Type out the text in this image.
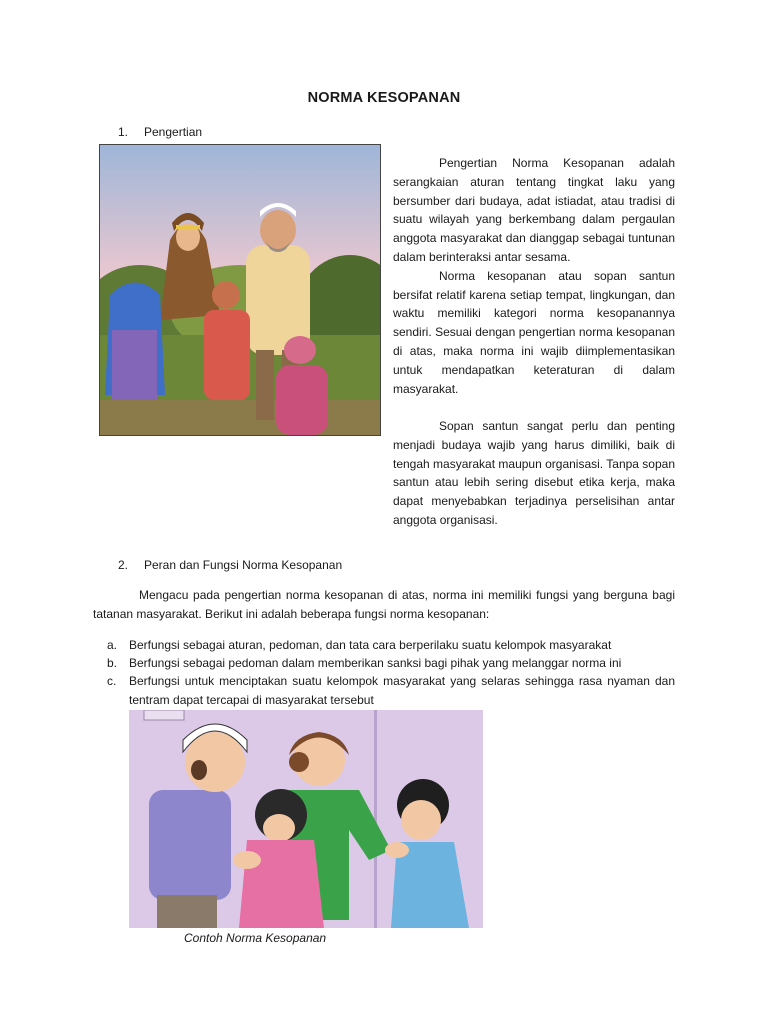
NORMA KESOPANAN
1. Pengertian

Pengertian Norma Kesopanan adalah serangkaian aturan tentang tingkat laku yang bersumber dari budaya, adat istiadat, atau tradisi di suatu wilayah yang berkembang dalam pergaulan anggota masyarakat dan dianggap sebagai tuntunan dalam berinteraksi antar sesama.

Norma kesopanan atau sopan santun bersifat relatif karena setiap tempat, lingkungan, dan waktu memiliki kategori norma kesopanannya sendiri. Sesuai dengan pengertian norma kesopanan di atas, maka norma ini wajib diimplementasikan untuk mendapatkan keteraturan di dalam masyarakat.

Sopan santun sangat perlu dan penting menjadi budaya wajib yang harus dimiliki, baik di tengah masyarakat maupun organisasi. Tanpa sopan santun atau lebih sering disebut etika kerja, maka dapat menyebabkan terjadinya perselisihan antar anggota organisasi.

2. Peran dan Fungsi Norma Kesopanan

Mengacu pada pengertian norma kesopanan di atas, norma ini memiliki fungsi yang berguna bagi tatanan masyarakat. Berikut ini adalah beberapa fungsi norma kesopanan:

a. Berfungsi sebagai aturan, pedoman, dan tata cara berperilaku suatu kelompok masyarakat
b. Berfungsi sebagai pedoman dalam memberikan sanksi bagi pihak yang melanggar norma ini
c. Berfungsi untuk menciptakan suatu kelompok masyarakat yang selaras sehingga rasa nyaman dan tentram dapat tercapai di masyarakat tersebut
Contoh Norma Kesopanan
